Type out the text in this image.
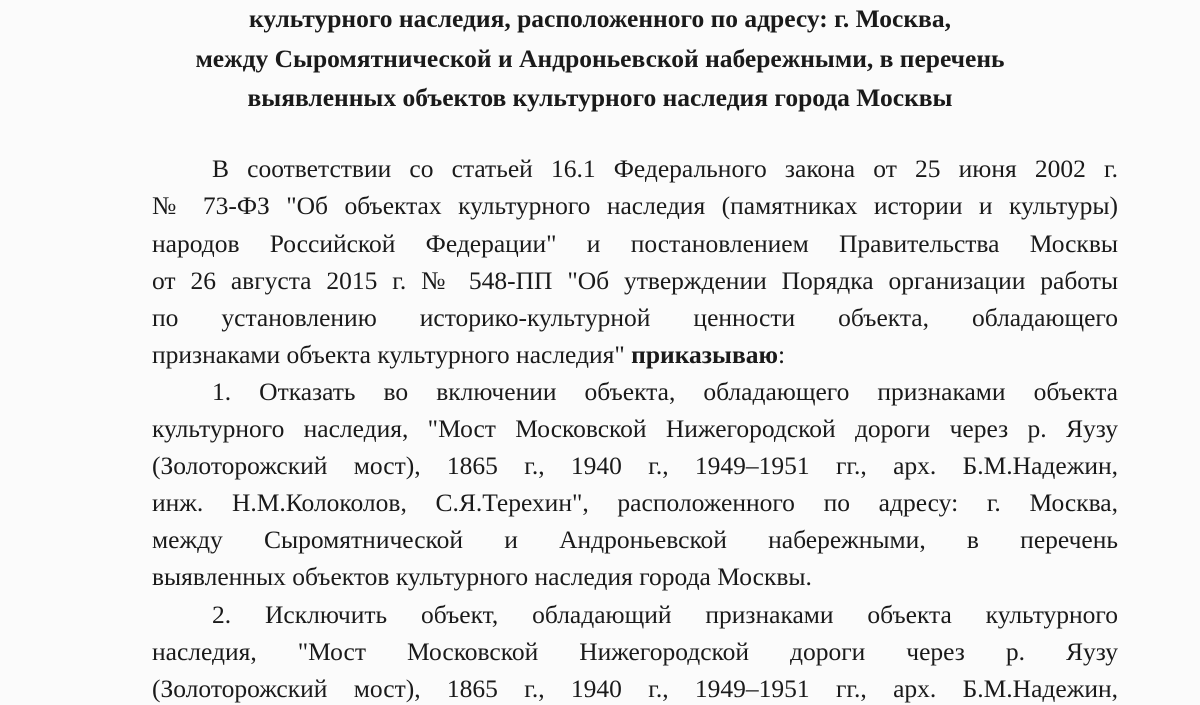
культурного наследия, расположенного по адресу: г. Москва,
между Сыромятнической и Андроньевской набережными, в перечень
выявленных объектов культурного наследия города Москвы
В соответствии со статьей 16.1 Федерального закона от 25 июня 2002 г.
№ 73-ФЗ "Об объектах культурного наследия (памятниках истории и культуры)
народов Российской Федерации" и постановлением Правительства Москвы
от 26 августа 2015 г. № 548-ПП "Об утверждении Порядка организации работы
по установлению историко-культурной ценности объекта, обладающего
признаками объекта культурного наследия" приказываю:
1. Отказать во включении объекта, обладающего признаками объекта
культурного наследия, "Мост Московской Нижегородской дороги через р. Яузу
(Золоторожский мост), 1865 г., 1940 г., 1949–1951 гг., арх. Б.М.Надежин,
инж. Н.М.Колоколов, С.Я.Терехин", расположенного по адресу: г. Москва,
между Сыромятнической и Андроньевской набережными, в перечень
выявленных объектов культурного наследия города Москвы.
2. Исключить объект, обладающий признаками объекта культурного
наследия, "Мост Московской Нижегородской дороги через р. Яузу
(Золоторожский мост), 1865 г., 1940 г., 1949–1951 гг., арх. Б.М.Надежин,
